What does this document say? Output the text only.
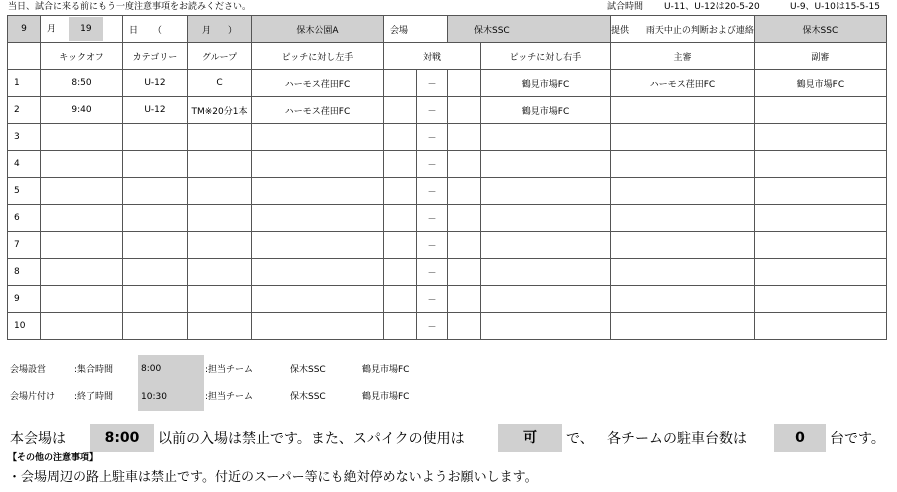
当日、試合に来る前にもう一度注意事項をお読みください。	試合時間 U-11、U-12は20-5-20	U-9、U-10は15-5-15
9	月 19	日 （	月 ）	保木公園A	会場		保木SSC		提供 雨天中止の判断および連絡	保木SSC
	キックオフ	カテゴリー	グループ	ピッチに対し左手	対戦			ピッチに対し右手	主審	副審
1	8:50	U-12	C	ハーモス荏田FC		－		鶴見市場FC	ハーモス荏田FC	鶴見市場FC
2	9:40	U-12	TM※20分1本	ハーモス荏田FC		－		鶴見市場FC		
3						－				
4						－				
5						－				
6						－				
7						－				
8						－				
9						－				
10						－				
会場設営	:集合時間	8:00	:担当チーム	保木SSC	鶴見市場FC
会場片付け :終了時間	10:30	:担当チーム	保木SSC	鶴見市場FC
本会場は	8:00	以前の入場は禁止です。また、スパイクの使用は	可	で、 各チームの駐車台数は	0	台です。
【その他の注意事項】
・会場周辺の路上駐車は禁止です。付近のスーパー等にも絶対停めないようお願いします。
